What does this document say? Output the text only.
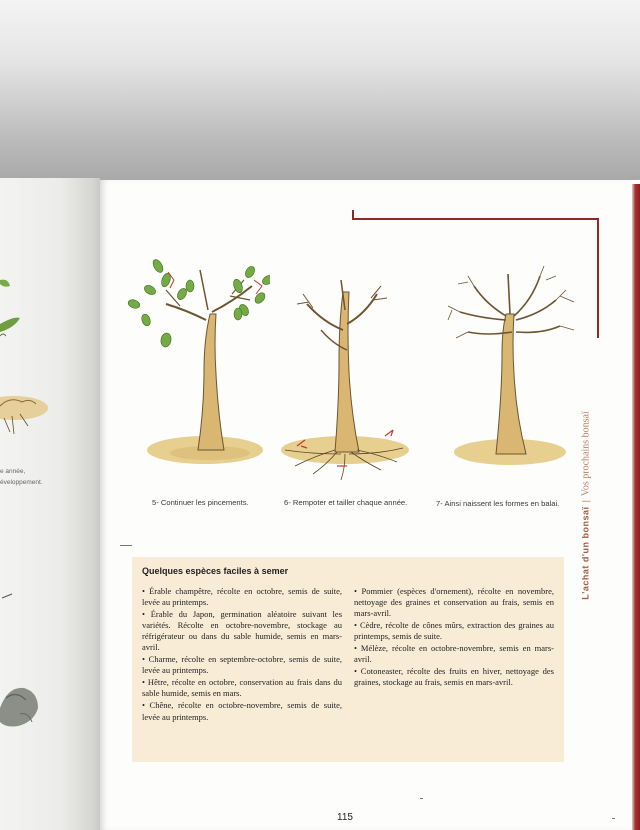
e année,
éveloppement.
L'achat d'un bonsaï|Vos prochains bonsaï
5- Continuer les pincements.	6- Rempoter et tailler chaque année.	7- Ainsi naissent les formes en balai.
Quelques espèces faciles à semer

• Érable champêtre, récolte en octobre, semis de suite, levée au printemps.

• Érable du Japon, germination aléatoire suivant les variétés. Récolte en octobre-novembre, stockage au réfrigérateur ou dans du sable humide, semis en mars-avril.

• Charme, récolte en septembre-octobre, semis de suite, levée au printemps.

• Hêtre, récolte en octobre, conservation au frais dans du sable humide, semis en mars.

• Chêne, récolte en octobre-novembre, semis de suite, levée au printemps.

• Pommier (espèces d'ornement), récolte en novembre, nettoyage des graines et conservation au frais, semis en mars-avril.

• Cèdre, récolte de cônes mûrs, extraction des graines au printemps, semis de suite.

• Mélèze, récolte en octobre-novembre, semis en mars-avril.

• Cotoneaster, récolte des fruits en hiver, nettoyage des graines, stockage au frais, semis en mars-avril.

115
